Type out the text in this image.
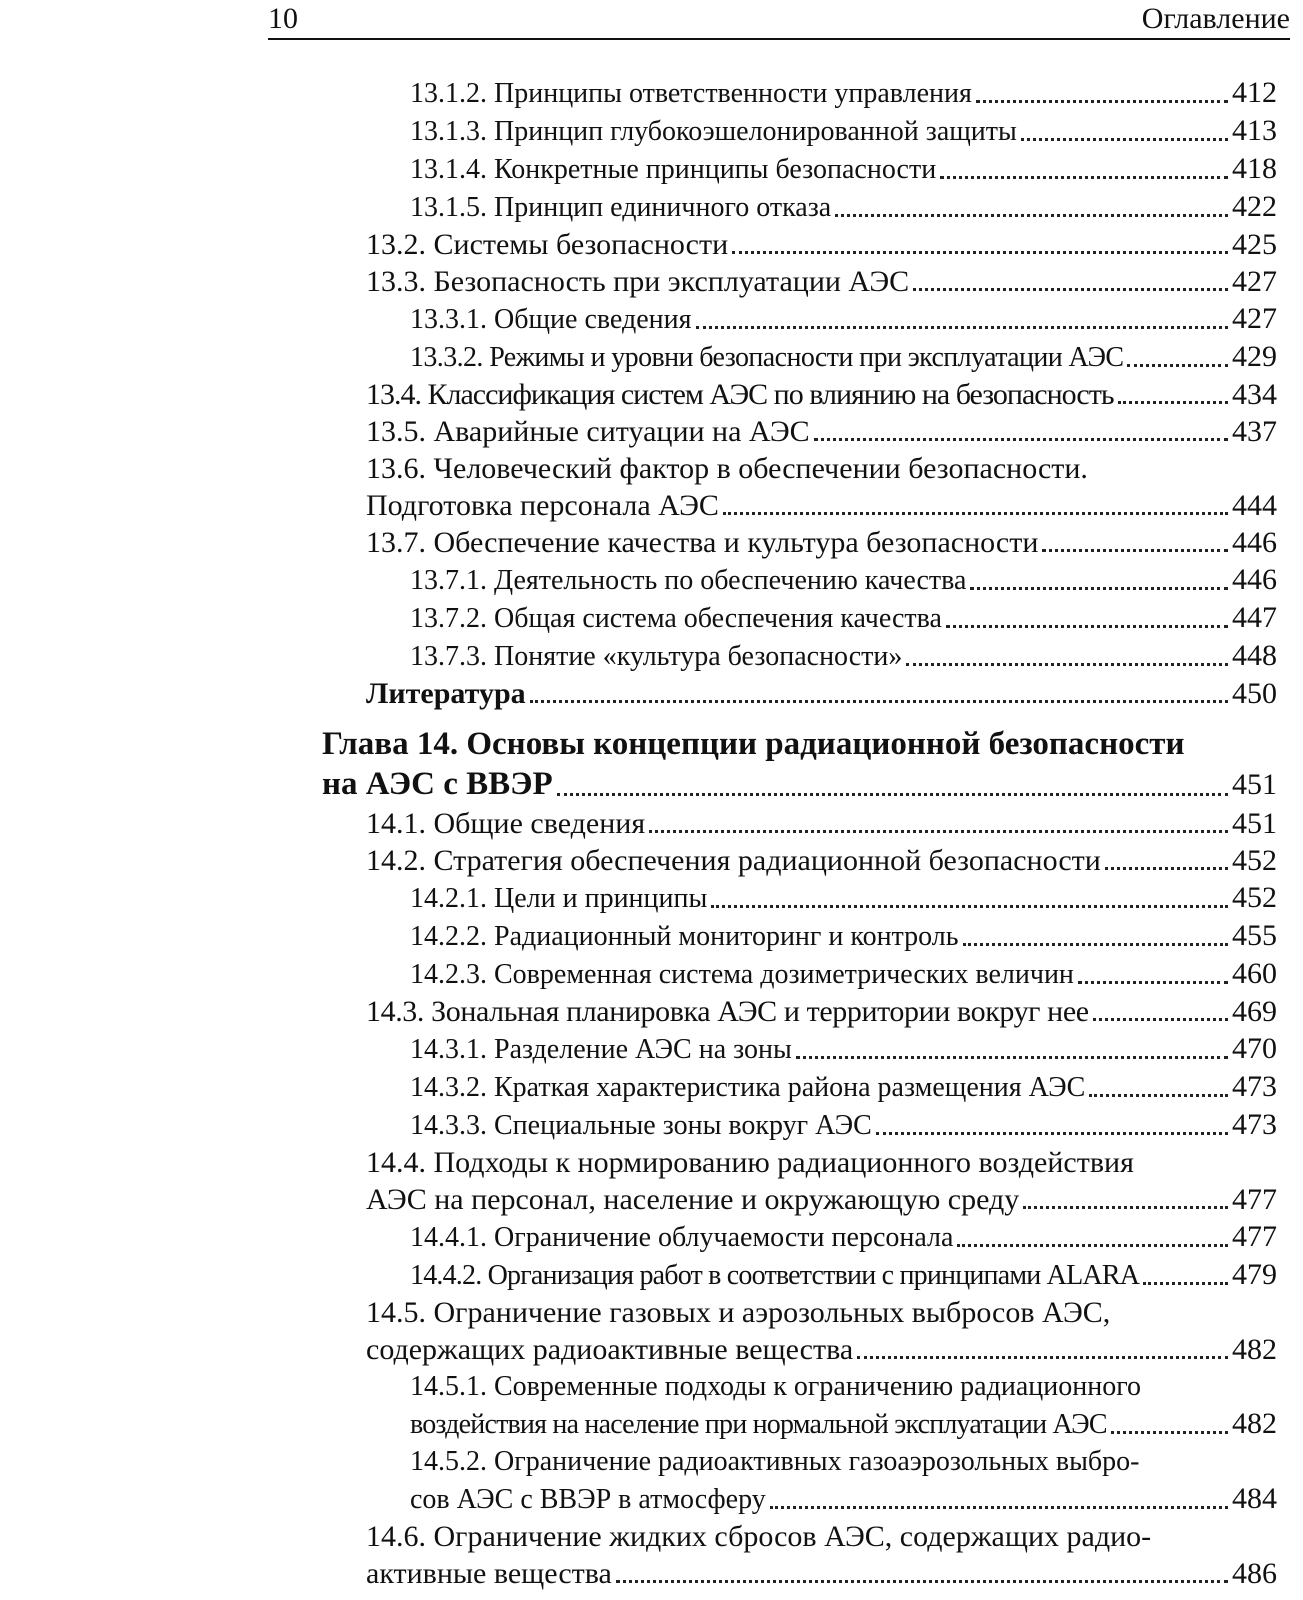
10	Оглавление
13.1.2. Принципы ответственности управления	412
13.1.3. Принцип глубокоэшелонированной защиты	413
13.1.4. Конкретные принципы безопасности	418
13.1.5. Принцип единичного отказа	422
13.2. Системы безопасности	425
13.3. Безопасность при эксплуатации АЭС	427
13.3.1. Общие сведения	427
13.3.2. Режимы и уровни безопасности при эксплуатации АЭС	429
13.4. Классификация систем АЭС по влиянию на безопасность	434
13.5. Аварийные ситуации на АЭС	437
13.6. Человеческий фактор в обеспечении безопасности.
Подготовка персонала АЭС	444
13.7. Обеспечение качества и культура безопасности	446
13.7.1. Деятельность по обеспечению качества	446
13.7.2. Общая система обеспечения качества	447
13.7.3. Понятие «культура безопасности»	448
Литература	450
Глава 14. Основы концепции радиационной безопасности
на АЭС с ВВЭР	451
14.1. Общие сведения	451
14.2. Стратегия обеспечения радиационной безопасности	452
14.2.1. Цели и принципы	452
14.2.2. Радиационный мониторинг и контроль	455
14.2.3. Современная система дозиметрических величин	460
14.3. Зональная планировка АЭС и территории вокруг нее	469
14.3.1. Разделение АЭС на зоны	470
14.3.2. Краткая характеристика района размещения АЭС	473
14.3.3. Специальные зоны вокруг АЭС	473
14.4. Подходы к нормированию радиационного воздействия
АЭС на персонал, население и окружающую среду	477
14.4.1. Ограничение облучаемости персонала	477
14.4.2. Организация работ в соответствии с принципами ALARA	479
14.5. Ограничение газовых и аэрозольных выбросов АЭС,
содержащих радиоактивные вещества	482
14.5.1. Современные подходы к ограничению радиационного
воздействия на население при нормальной эксплуатации АЭС	482
14.5.2. Ограничение радиоактивных газоаэрозольных выбро-
сов АЭС с ВВЭР в атмосферу	484
14.6. Ограничение жидких сбросов АЭС, содержащих радио-
активные вещества	486
